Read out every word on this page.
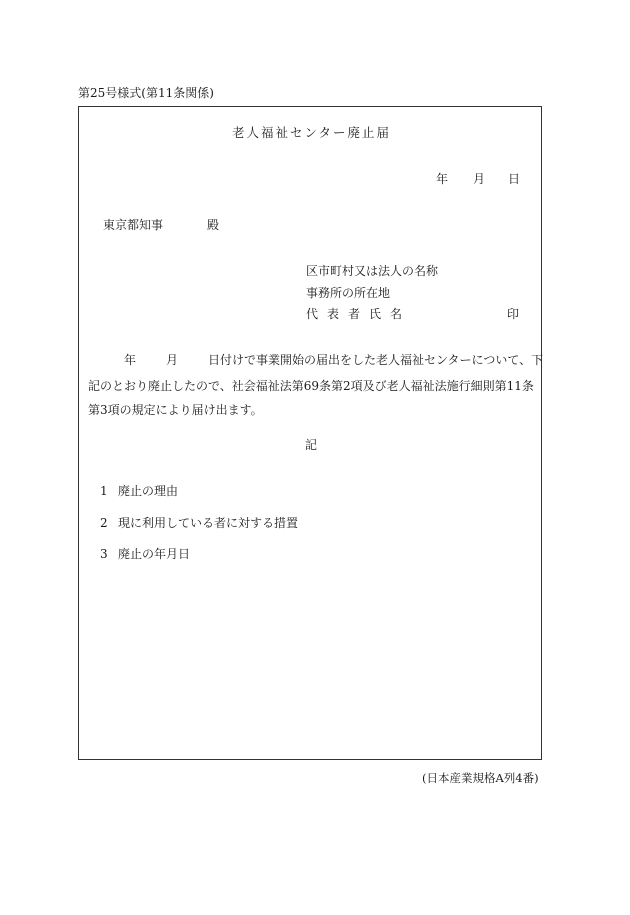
第25号様式(第11条関係)
老人福祉センター廃止届
年 月 日
東京都知事	殿
区市町村又は法人の名称
事務所の所在地
代表者氏名	印
年	月	日付けで事業開始の届出をした老人福祉センターについて、下
記のとおり廃止したので、社会福祉法第69条第2項及び老人福祉法施行細則第11条
第3項の規定により届け出ます。
記
1 廃止の理由
2 現に利用している者に対する措置
3 廃止の年月日
(日本産業規格A列4番)
